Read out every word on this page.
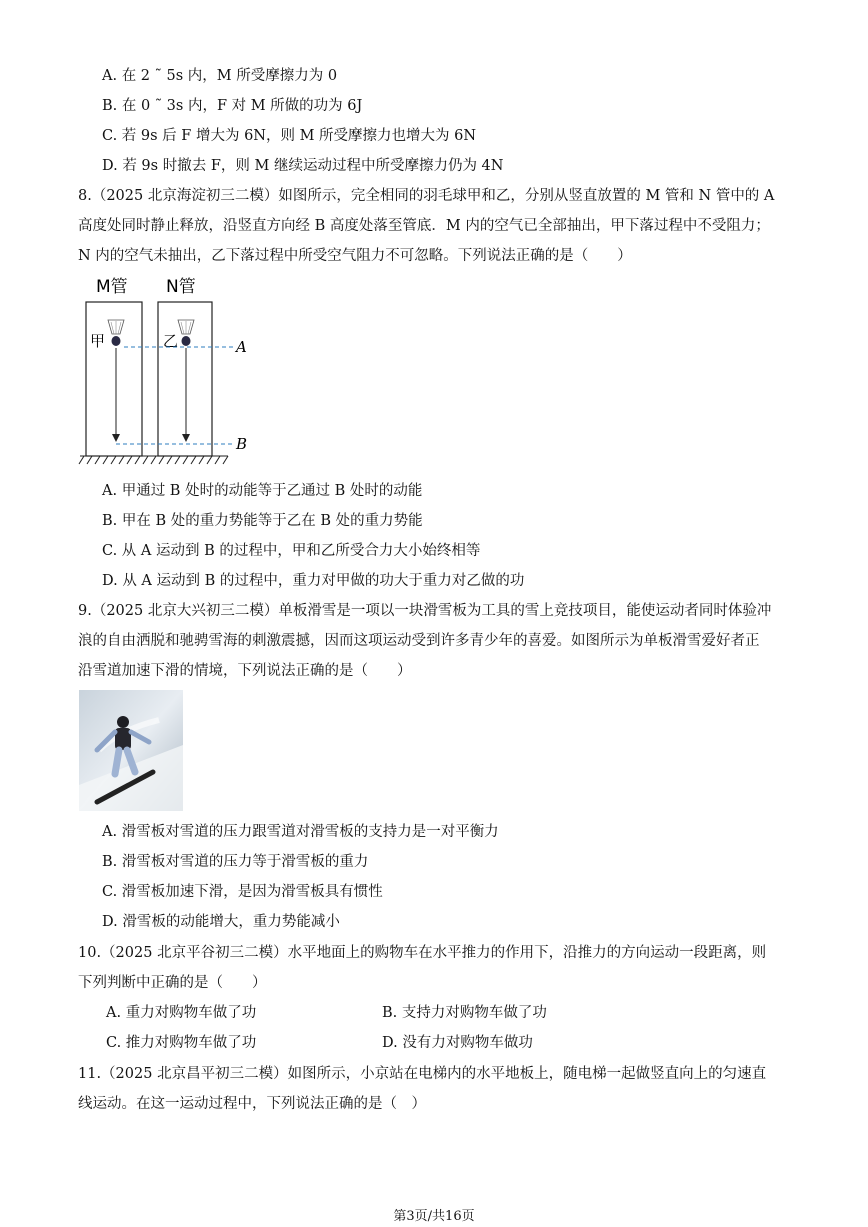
A. 在 2 ˜ 5s 内，M 所受摩擦力为 0
B. 在 0 ˜ 3s 内，F 对 M 所做的功为 6J
C. 若 9s 后 F 增大为 6N，则 M 所受摩擦力也增大为 6N
D. 若 9s 时撤去 F，则 M 继续运动过程中所受摩擦力仍为 4N
8.（2025 北京海淀初三二模）如图所示，完全相同的羽毛球甲和乙，分别从竖直放置的 M 管和 N 管中的 A
高度处同时静止释放，沿竖直方向经 B 高度处落至管底．M 内的空气已全部抽出，甲下落过程中不受阻力；
N 内的空气未抽出，乙下落过程中所受空气阻力不可忽略。下列说法正确的是（　　）
M管 N管
甲	乙	A
B
A. 甲通过 B 处时的动能等于乙通过 B 处时的动能
B. 甲在 B 处的重力势能等于乙在 B 处的重力势能
C. 从 A 运动到 B 的过程中，甲和乙所受合力大小始终相等
D. 从 A 运动到 B 的过程中，重力对甲做的功大于重力对乙做的功
9.（2025 北京大兴初三二模）单板滑雪是一项以一块滑雪板为工具的雪上竞技项目，能使运动者同时体验冲
浪的自由洒脱和驰骋雪海的刺激震撼，因而这项运动受到许多青少年的喜爱。如图所示为单板滑雪爱好者正
沿雪道加速下滑的情境，下列说法正确的是（　　）
A. 滑雪板对雪道的压力跟雪道对滑雪板的支持力是一对平衡力
B. 滑雪板对雪道的压力等于滑雪板的重力
C. 滑雪板加速下滑，是因为滑雪板具有惯性
D. 滑雪板的动能增大，重力势能减小
10.（2025 北京平谷初三二模）水平地面上的购物车在水平推力的作用下，沿推力的方向运动一段距离，则
下列判断中正确的是（　　）
A. 重力对购物车做了功	B. 支持力对购物车做了功
C. 推力对购物车做了功	D. 没有力对购物车做功
11.（2025 北京昌平初三二模）如图所示，小京站在电梯内的水平地板上，随电梯一起做竖直向上的匀速直
线运动。在这一运动过程中，下列说法正确的是（　）
第3页/共16页
